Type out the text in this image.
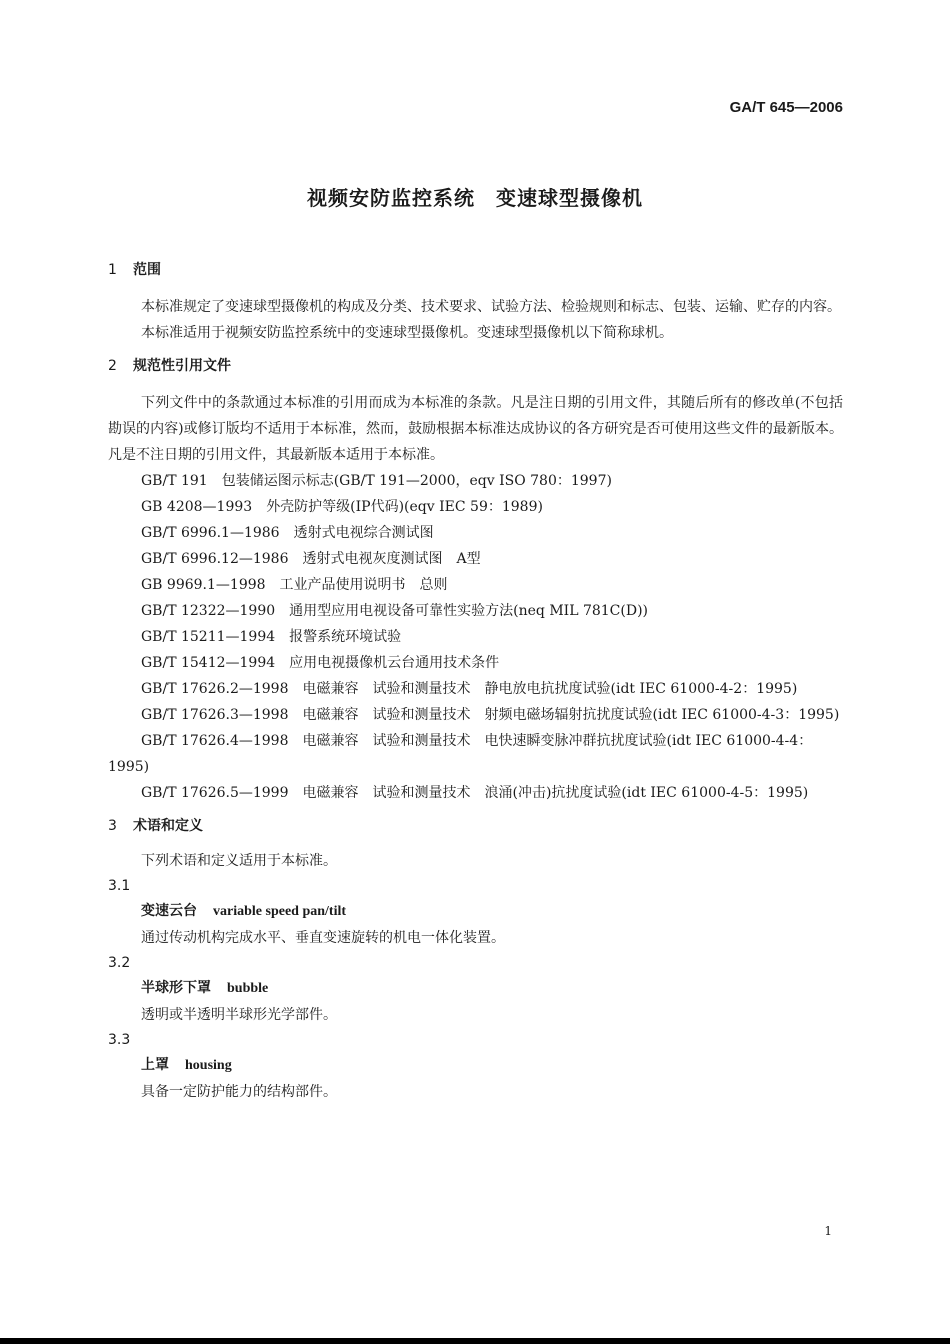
GA/T 645—2006
视频安防监控系统　变速球型摄像机
1 范围

本标准规定了变速球型摄像机的构成及分类、技术要求、试验方法、检验规则和标志、包装、运输、贮存的内容。

本标准适用于视频安防监控系统中的变速球型摄像机。变速球型摄像机以下简称球机。

2 规范性引用文件

下列文件中的条款通过本标准的引用而成为本标准的条款。凡是注日期的引用文件，其随后所有的修改单(不包括勘误的内容)或修订版均不适用于本标准，然而，鼓励根据本标准达成协议的各方研究是否可使用这些文件的最新版本。凡是不注日期的引用文件，其最新版本适用于本标准。

GB/T 191 包装储运图示标志(GB/T 191—2000，eqv ISO 780：1997)
GB 4208—1993 外壳防护等级(IP代码)(eqv IEC 59：1989)
GB/T 6996.1—1986 透射式电视综合测试图
GB/T 6996.12—1986 透射式电视灰度测试图　A型
GB 9969.1—1998 工业产品使用说明书　总则
GB/T 12322—1990 通用型应用电视设备可靠性实验方法(neq MIL 781C(D))
GB/T 15211—1994 报警系统环境试验
GB/T 15412—1994 应用电视摄像机云台通用技术条件
GB/T 17626.2—1998 电磁兼容　试验和测量技术　静电放电抗扰度试验(idt IEC 61000-4-2：1995)
GB/T 17626.3—1998 电磁兼容　试验和测量技术　射频电磁场辐射抗扰度试验(idt IEC 61000-4-3：1995)
GB/T 17626.4—1998 电磁兼容　试验和测量技术　电快速瞬变脉冲群抗扰度试验(idt IEC 61000-4-4：1995)
GB/T 17626.5—1999 电磁兼容　试验和测量技术　浪涌(冲击)抗扰度试验(idt IEC 61000-4-5：1995)
3 术语和定义

下列术语和定义适用于本标准。

3.1
变速云台 variable speed pan/tilt
通过传动机构完成水平、垂直变速旋转的机电一体化装置。
3.2
半球形下罩 bubble
透明或半透明半球形光学部件。
3.3
上罩 housing
具备一定防护能力的结构部件。
1
